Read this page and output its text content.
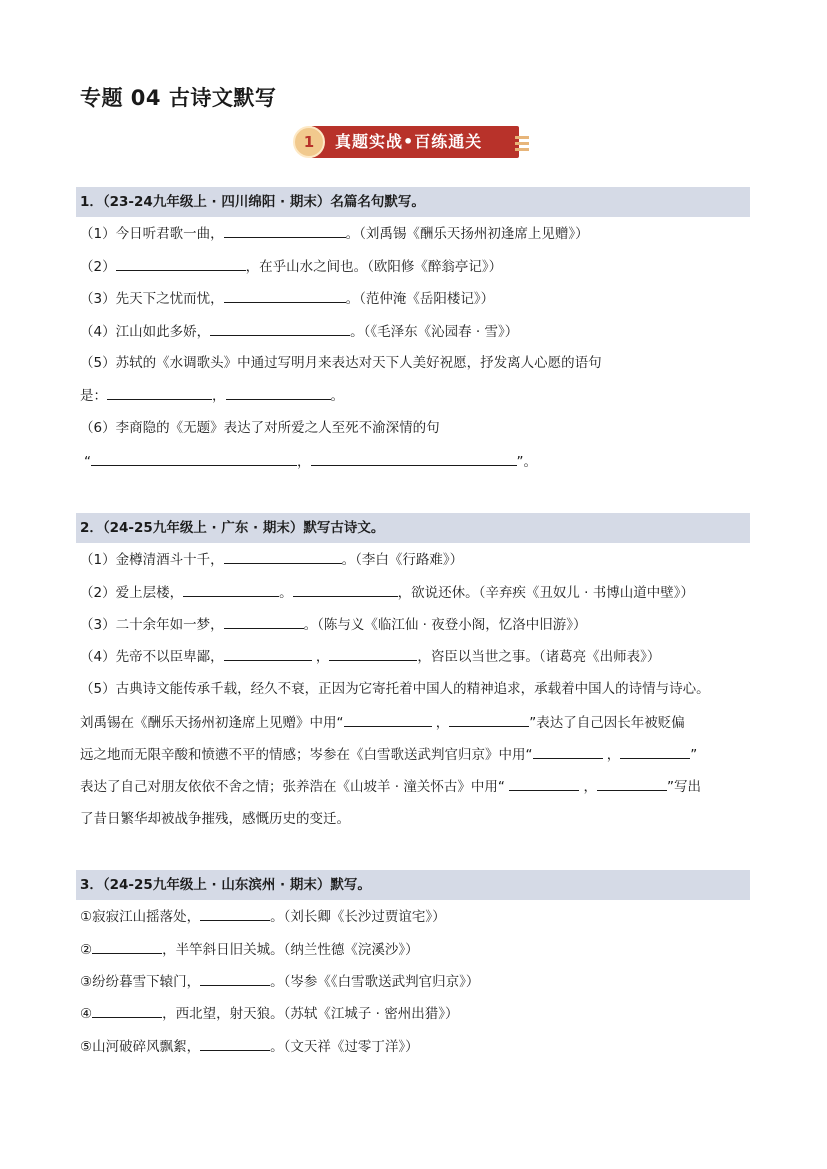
专题 04 古诗文默写
1	真题实战•百练通关
1．（23-24九年级上 · 四川绵阳 · 期末）名篇名句默写。
（1）今日听君歌一曲，	。（刘禹锡《酬乐天扬州初逢席上见赠》）
（2）	，在乎山水之间也。（欧阳修《醉翁亭记》）
（3）先天下之忧而忧，	。（范仲淹《岳阳楼记》）
（4）江山如此多娇，	。（《毛泽东《沁园春 · 雪》）
（5）苏轼的《水调歌头》中通过写明月来表达对天下人美好祝愿，抒发离人心愿的语句
是：	，	。
（6）李商隐的《无题》表达了对所爱之人至死不渝深情的句
“	，	”。
2．（24-25九年级上 · 广东 · 期末）默写古诗文。
（1）金樽清酒斗十千，	。（李白《行路难》）
（2）爱上层楼，	。	，欲说还休。（辛弃疾《丑奴儿 · 书博山道中壁》）
（3）二十余年如一梦，	。（陈与义《临江仙 · 夜登小阁，忆洛中旧游》）
（4）先帝不以臣卑鄙，	，	，咨臣以当世之事。（诸葛亮《出师表》）
（5）古典诗文能传承千载，经久不衰，正因为它寄托着中国人的精神追求，承载着中国人的诗情与诗心。
刘禹锡在《酬乐天扬州初逢席上见赠》中用“	，	”表达了自己因长年被贬偏
远之地而无限辛酸和愤懑不平的情感；岑参在《白雪歌送武判官归京》中用“	，	”
表达了自己对朋友依依不舍之情；张养浩在《山坡羊 · 潼关怀古》中用“	，	”写出
了昔日繁华却被战争摧残，感慨历史的变迁。
3．（24-25九年级上 · 山东滨州 · 期末）默写。
①寂寂江山摇落处，	。（刘长卿《长沙过贾谊宅》）
②	，半竿斜日旧关城。（纳兰性德《浣溪沙》）
③纷纷暮雪下辕门，	。（岑参《《白雪歌送武判官归京》）
④	，西北望，射天狼。（苏轼《江城子 · 密州出猎》）
⑤山河破碎风飘絮，	。（文天祥《过零丁洋》）
